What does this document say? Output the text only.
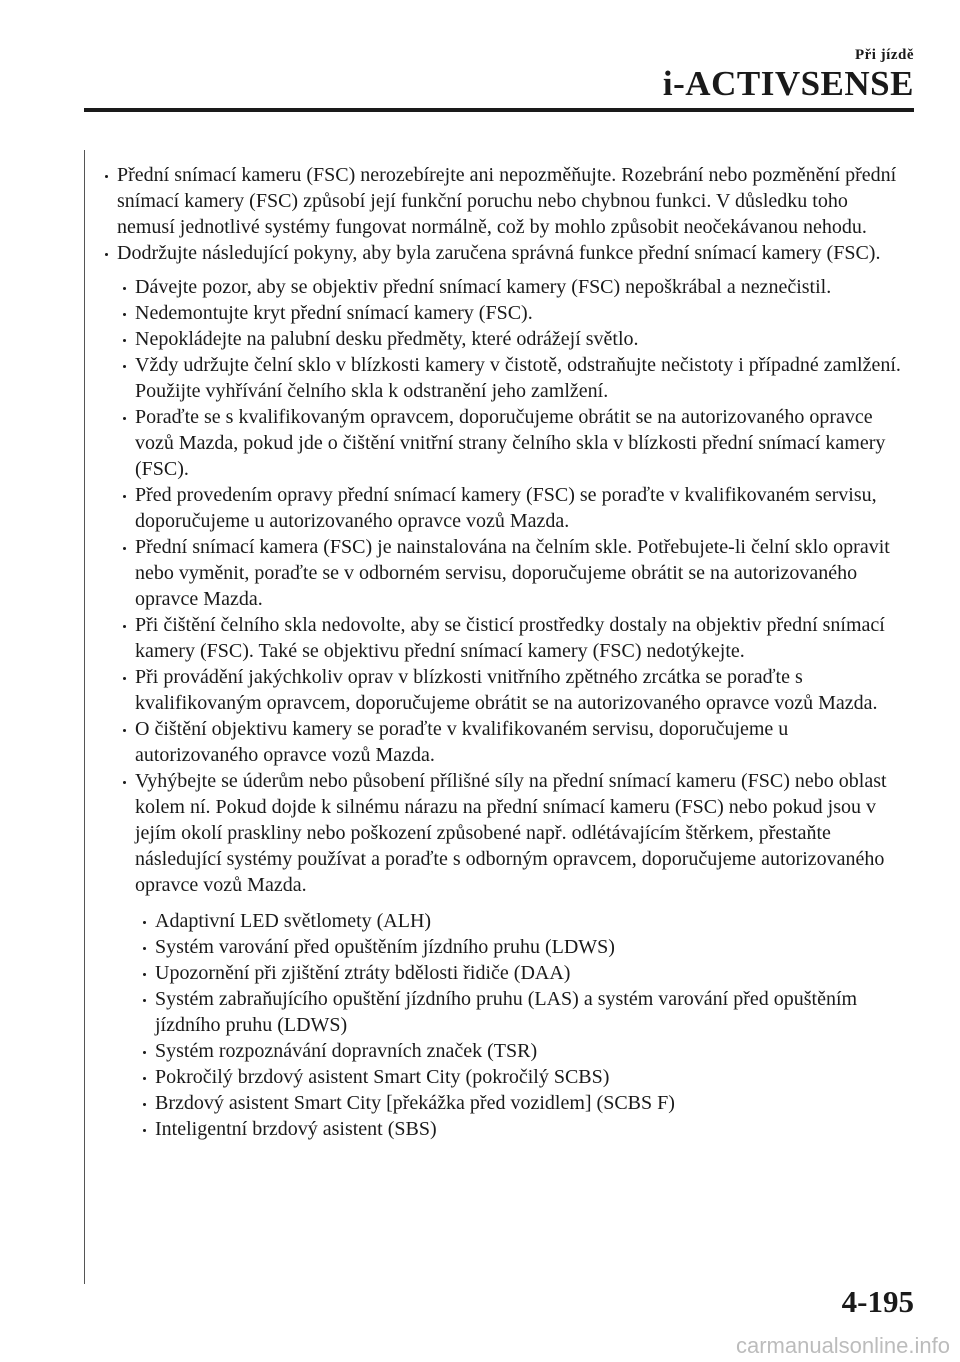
Při jízdě
i-ACTIVSENSE
Přední snímací kameru (FSC) nerozebírejte ani nepozměňujte. Rozebrání nebo pozměnění přední snímací kamery (FSC) způsobí její funkční poruchu nebo chybnou funkci. V důsledku toho nemusí jednotlivé systémy fungovat normálně, což by mohlo způsobit neočekávanou nehodu.
Dodržujte následující pokyny, aby byla zaručena správná funkce přední snímací kamery (FSC).
Dávejte pozor, aby se objektiv přední snímací kamery (FSC) nepoškrábal a neznečistil.
Nedemontujte kryt přední snímací kamery (FSC).
Nepokládejte na palubní desku předměty, které odrážejí světlo.
Vždy udržujte čelní sklo v blízkosti kamery v čistotě, odstraňujte nečistoty i případné zamlžení. Použijte vyhřívání čelního skla k odstranění jeho zamlžení.
Poraďte se s kvalifikovaným opravcem, doporučujeme obrátit se na autorizovaného opravce vozů Mazda, pokud jde o čištění vnitřní strany čelního skla v blízkosti přední snímací kamery (FSC).
Před provedením opravy přední snímací kamery (FSC) se poraďte v kvalifikovaném servisu, doporučujeme u autorizovaného opravce vozů Mazda.
Přední snímací kamera (FSC) je nainstalována na čelním skle. Potřebujete-li čelní sklo opravit nebo vyměnit, poraďte se v odborném servisu, doporučujeme obrátit se na autorizovaného opravce Mazda.
Při čištění čelního skla nedovolte, aby se čisticí prostředky dostaly na objektiv přední snímací kamery (FSC). Také se objektivu přední snímací kamery (FSC) nedotýkejte.
Při provádění jakýchkoliv oprav v blízkosti vnitřního zpětného zrcátka se poraďte s kvalifikovaným opravcem, doporučujeme obrátit se na autorizovaného opravce vozů Mazda.
O čištění objektivu kamery se poraďte v kvalifikovaném servisu, doporučujeme u autorizovaného opravce vozů Mazda.
Vyhýbejte se úderům nebo působení přílišné síly na přední snímací kameru (FSC) nebo oblast kolem ní. Pokud dojde k silnému nárazu na přední snímací kameru (FSC) nebo pokud jsou v jejím okolí praskliny nebo poškození způsobené např. odlétávajícím štěrkem, přestaňte následující systémy používat a poraďte s odborným opravcem, doporučujeme autorizovaného opravce vozů Mazda.
Adaptivní LED světlomety (ALH)
Systém varování před opuštěním jízdního pruhu (LDWS)
Upozornění při zjištění ztráty bdělosti řidiče (DAA)
Systém zabraňujícího opuštění jízdního pruhu (LAS) a systém varování před opuštěním jízdního pruhu (LDWS)
Systém rozpoznávání dopravních značek (TSR)
Pokročilý brzdový asistent Smart City (pokročilý SCBS)
Brzdový asistent Smart City [překážka před vozidlem] (SCBS F)
Inteligentní brzdový asistent (SBS)
4-195
carmanualsonline.info
